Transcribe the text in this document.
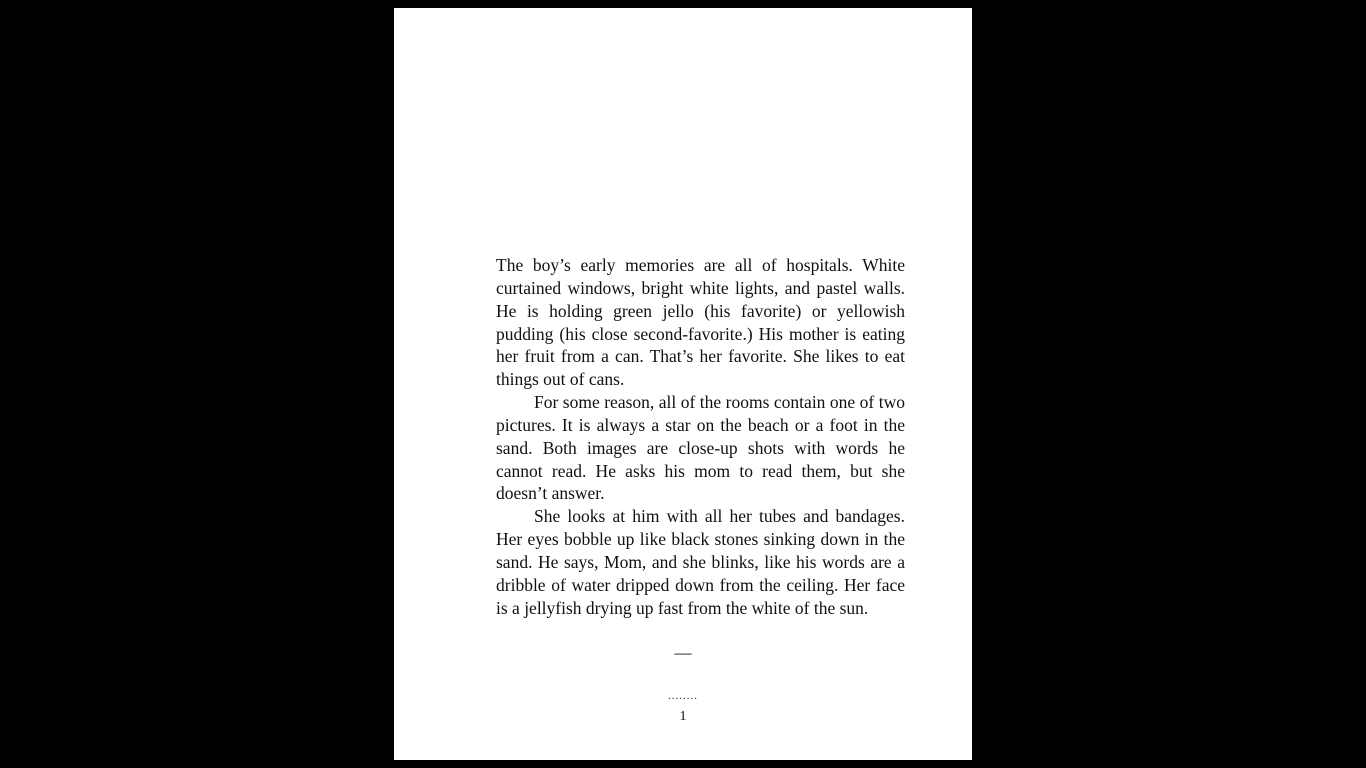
The boy’s early memories are all of hospitals. White curtained windows, bright white lights, and pastel walls. He is holding green jello (his favorite) or yellowish pudding (his close second-favorite.) His mother is eating her fruit from a can. That’s her favorite. She likes to eat things out of cans.

For some reason, all of the rooms contain one of two pictures. It is always a star on the beach or a foot in the sand. Both images are close-up shots with words he cannot read. He asks his mom to read them, but she doesn’t answer.

She looks at him with all her tubes and bandages. Her eyes bobble up like black stones sinking down in the sand. He says, Mom, and she blinks, like his words are a dribble of water dripped down from the ceiling. Her face is a jellyfish drying up fast from the white of the sun.

—
........
1
